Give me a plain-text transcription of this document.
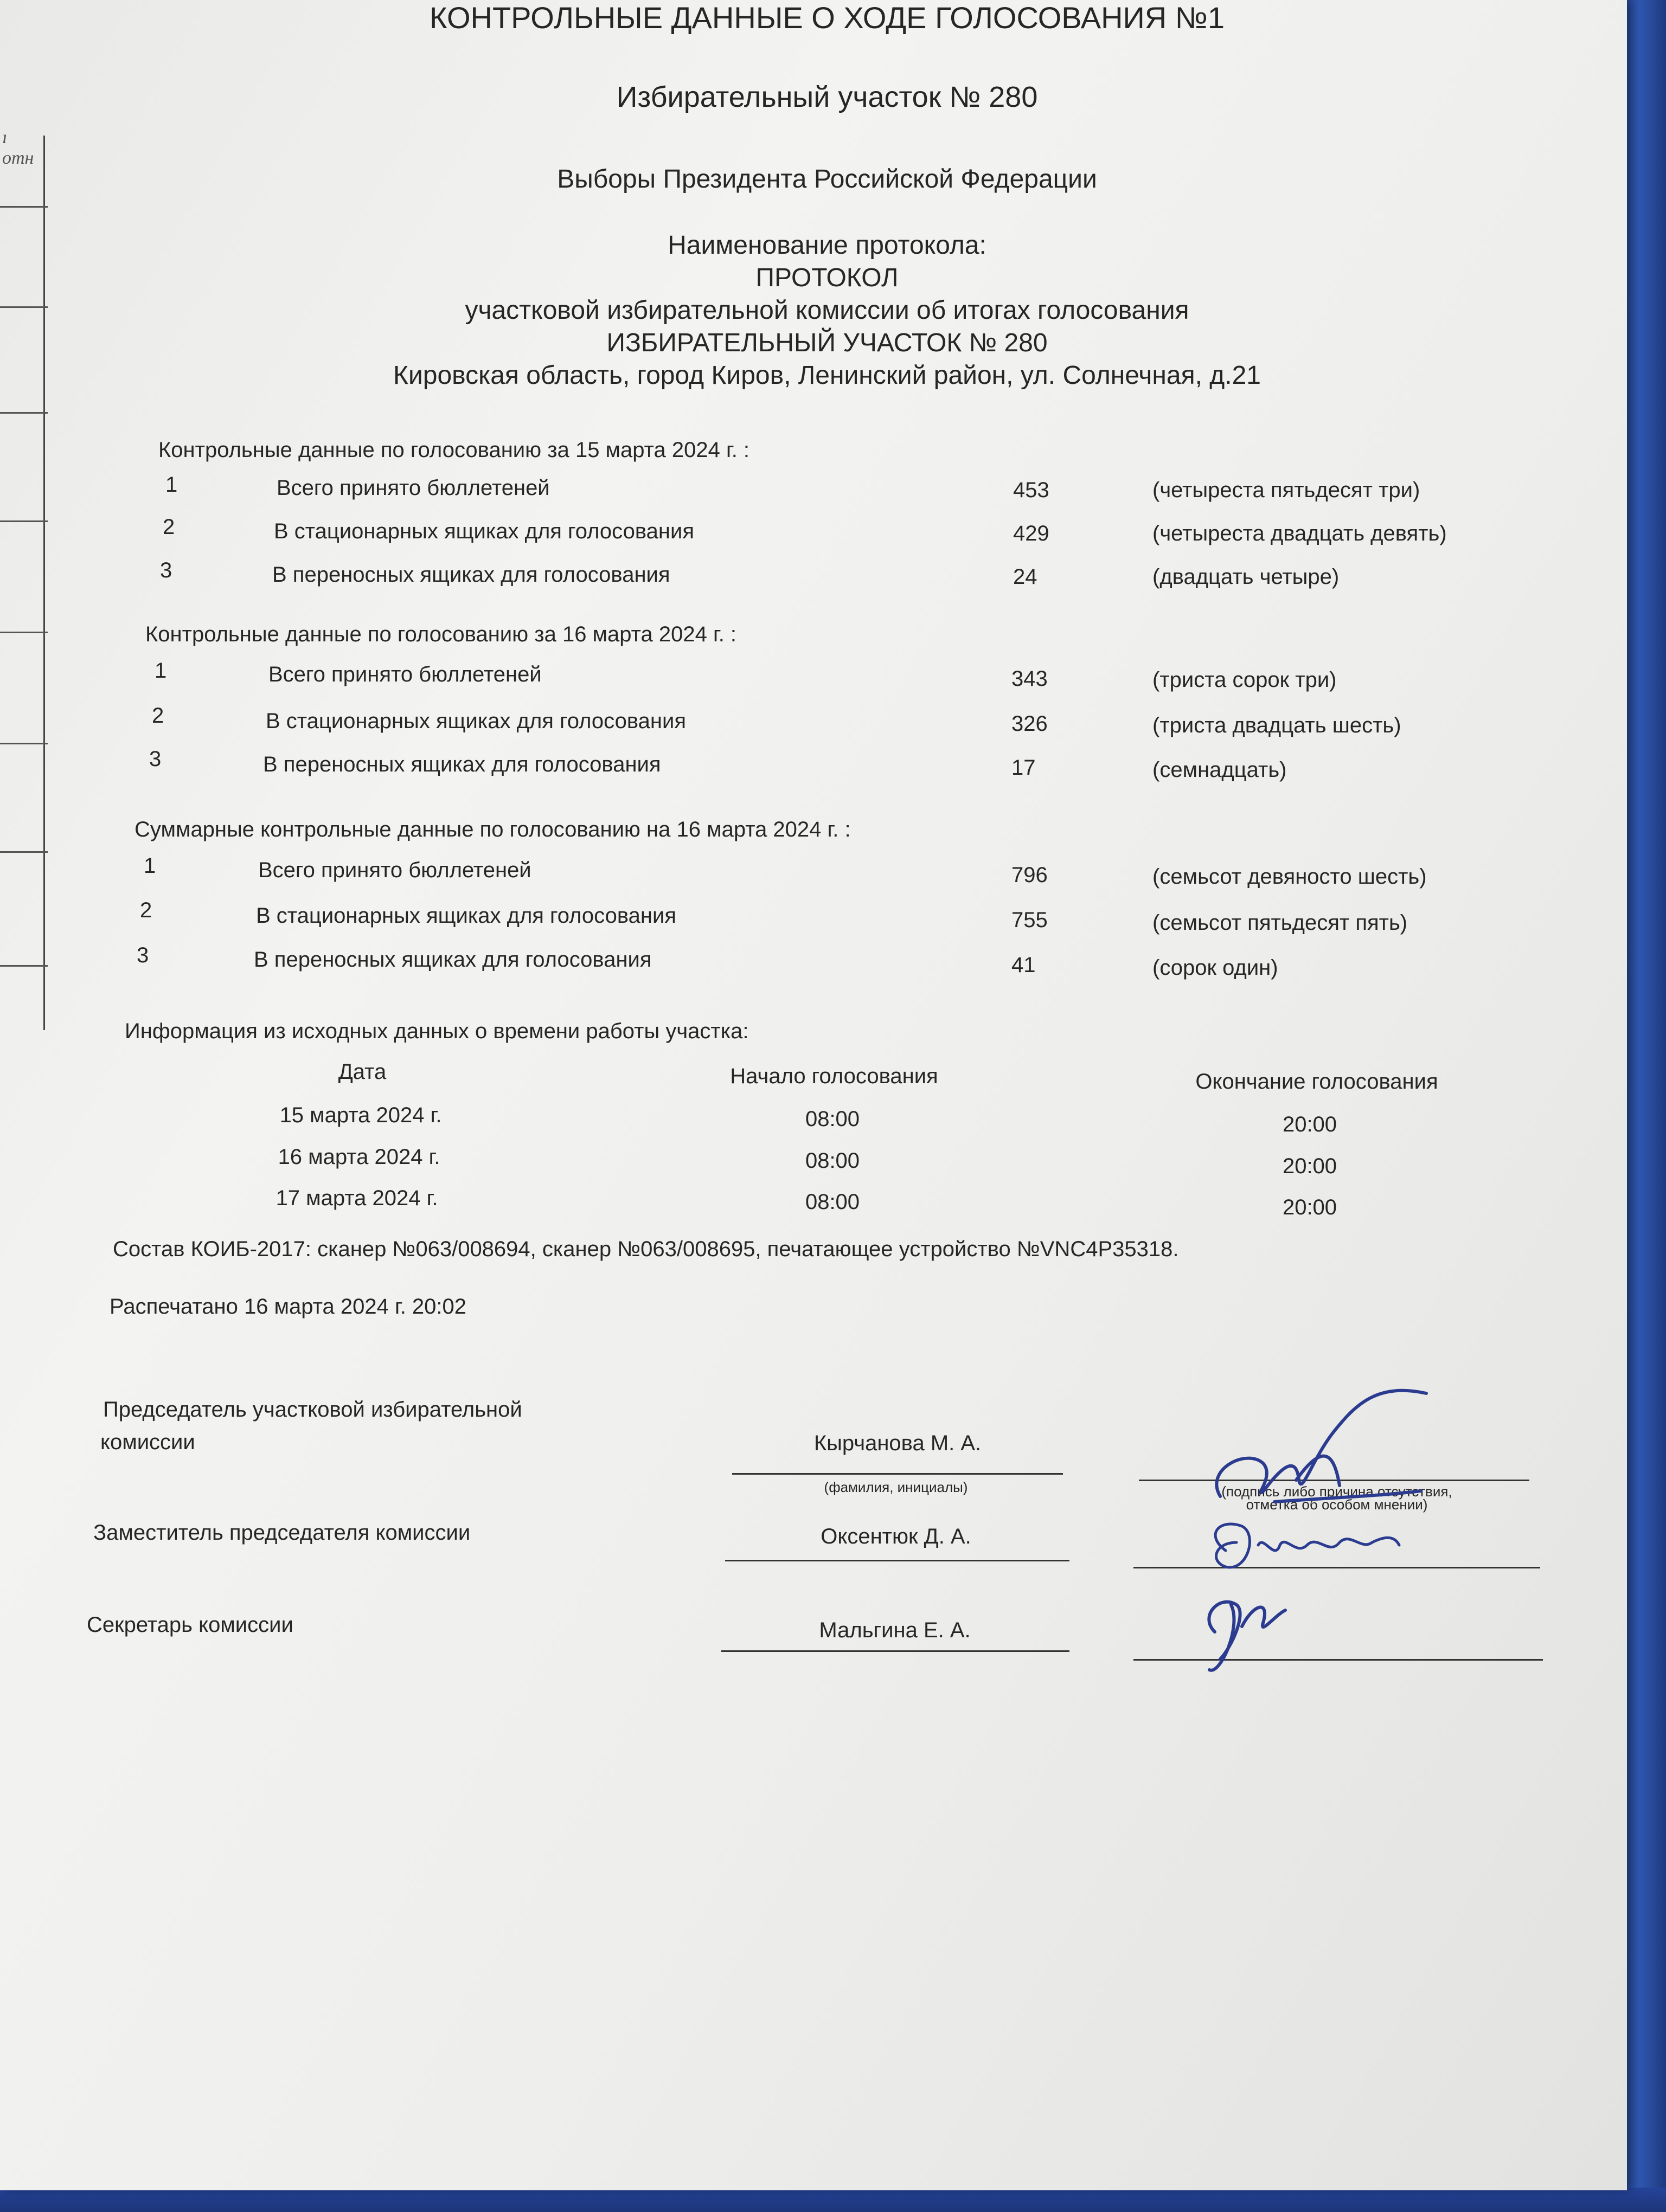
ı отн
КОНТРОЛЬНЫЕ ДАННЫЕ О ХОДЕ ГОЛОСОВАНИЯ №1
Избирательный участок № 280
Выборы Президента Российской Федерации
Наименование протокола:
ПРОТОКОЛ
участковой избирательной комиссии об итогах голосования
ИЗБИРАТЕЛЬНЫЙ УЧАСТОК № 280
Кировская область, город Киров, Ленинский район, ул. Солнечная, д.21
Контрольные данные по голосованию за 15 марта 2024 г. :
1	Всего принято бюллетеней	453	(четыреста пятьдесят три)
2	В стационарных ящиках для голосования	429	(четыреста двадцать девять)
3	В переносных ящиках для голосования	24	(двадцать четыре)
Контрольные данные по голосованию за 16 марта 2024 г. :
1	Всего принято бюллетеней	343	(триста сорок три)
2	В стационарных ящиках для голосования	326	(триста двадцать шесть)
3	В переносных ящиках для голосования	17	(семнадцать)
Суммарные контрольные данные по голосованию на 16 марта 2024 г. :
1	Всего принято бюллетеней	796	(семьсот девяносто шесть)
2	В стационарных ящиках для голосования	755	(семьсот пятьдесят пять)
3	В переносных ящиках для голосования	41	(сорок один)
Информация из исходных данных о времени работы участка:
Дата	Начало голосования	Окончание голосования
15 марта 2024 г.	08:00	20:00
16 марта 2024 г.	08:00	20:00
17 марта 2024 г.	08:00	20:00
Состав КОИБ-2017: сканер №063/008694, сканер №063/008695, печатающее устройство №VNC4P35318.
Распечатано 16 марта 2024 г. 20:02
Председатель участковой избирательной
комиссии	Кырчанова М. А.
(фамилия, инициалы)	(подпись либо причина отсутствия,
отметка об особом мнении)
Заместитель председателя комиссии	Оксентюк Д. А.
Секретарь комиссии	Мальгина Е. А.
